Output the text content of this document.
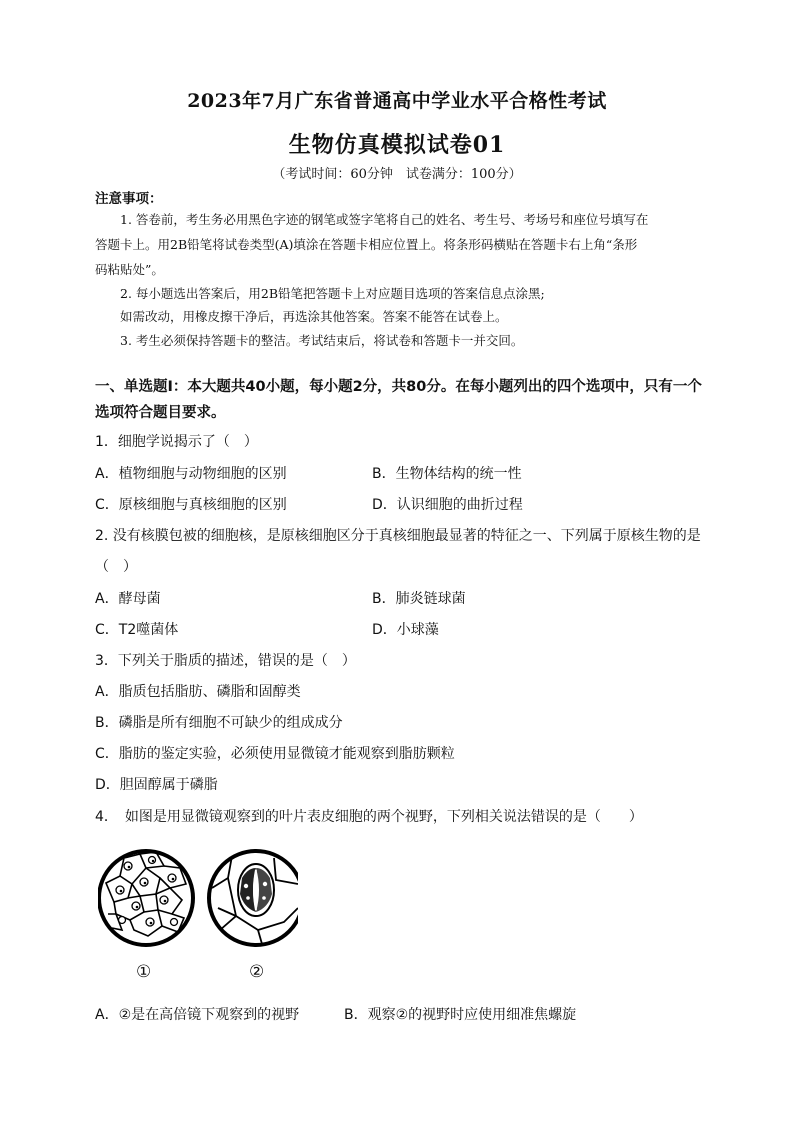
2023年7月广东省普通高中学业水平合格性考试
生物仿真模拟试卷01
（考试时间：60分钟　试卷满分：100分）
注意事项：
1. 答卷前，考生务必用黑色字迹的钢笔或签字笔将自己的姓名、考生号、考场号和座位号填写在
答题卡上。用2B铅笔将试卷类型(A)填涂在答题卡相应位置上。将条形码横贴在答题卡右上角“条形
码粘贴处”。
2. 每小题选出答案后，用2B铅笔把答题卡上对应题目选项的答案信息点涂黑;
如需改动，用橡皮擦干净后，再选涂其他答案。答案不能答在试卷上。
3. 考生必须保持答题卡的整洁。考试结束后，将试卷和答题卡一并交回。
一、单选题Ⅰ：本大题共40小题，每小题2分，共80分。在每小题列出的四个选项中，只有一个
选项符合题目要求。
1．细胞学说揭示了（　）
A．植物细胞与动物细胞的区别	B．生物体结构的统一性
C．原核细胞与真核细胞的区别	D．认识细胞的曲折过程
2. 没有核膜包被的细胞核，是原核细胞区分于真核细胞最显著的特征之一、下列属于原核生物的是
（　）
A．酵母菌	B．肺炎链球菌
C．T2噬菌体	D．小球藻
3．下列关于脂质的描述，错误的是（　）
A．脂质包括脂肪、磷脂和固醇类
B．磷脂是所有细胞不可缺少的组成成分
C．脂肪的鉴定实验，必须使用显微镜才能观察到脂肪颗粒
D．胆固醇属于磷脂
4．　如图是用显微镜观察到的叶片表皮细胞的两个视野，下列相关说法错误的是（　　）
①	②
A．②是在高倍镜下观察到的视野	B．观察②的视野时应使用细准焦螺旋
